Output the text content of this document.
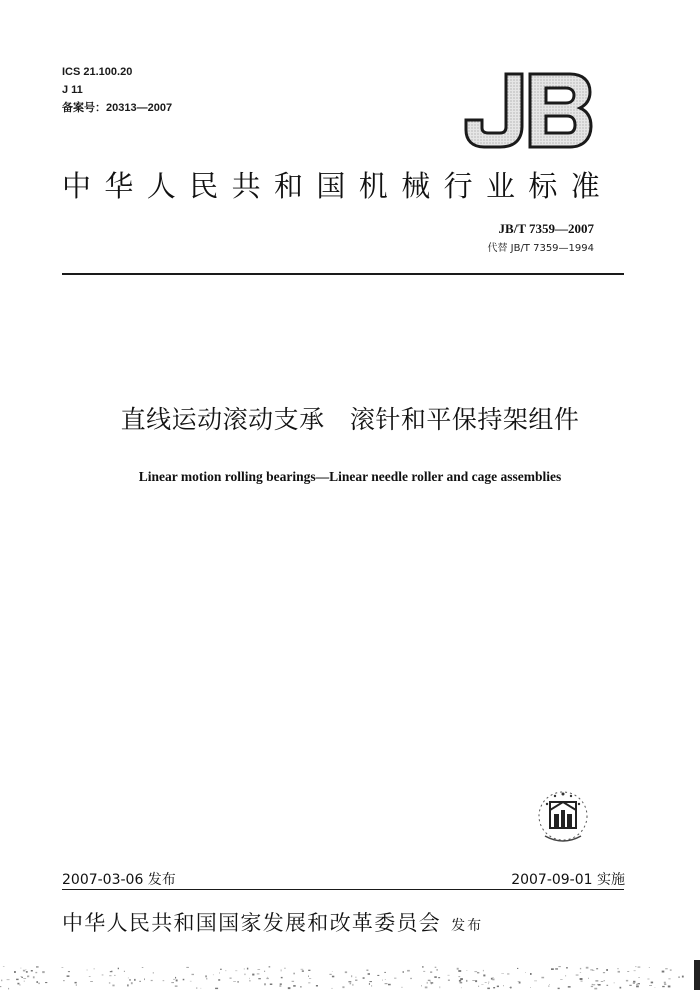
ICS 21.100.20
J 11
备案号：20313—2007
中华人民共和国机械行业标准
JB/T 7359—2007
代替 JB/T 7359—1994
直线运动滚动支承   滚针和平保持架组件
Linear motion rolling bearings—Linear needle roller and cage assemblies
2007-03-06 发布	2007-09-01 实施
中华人民共和国国家发展和改革委员会 发布
